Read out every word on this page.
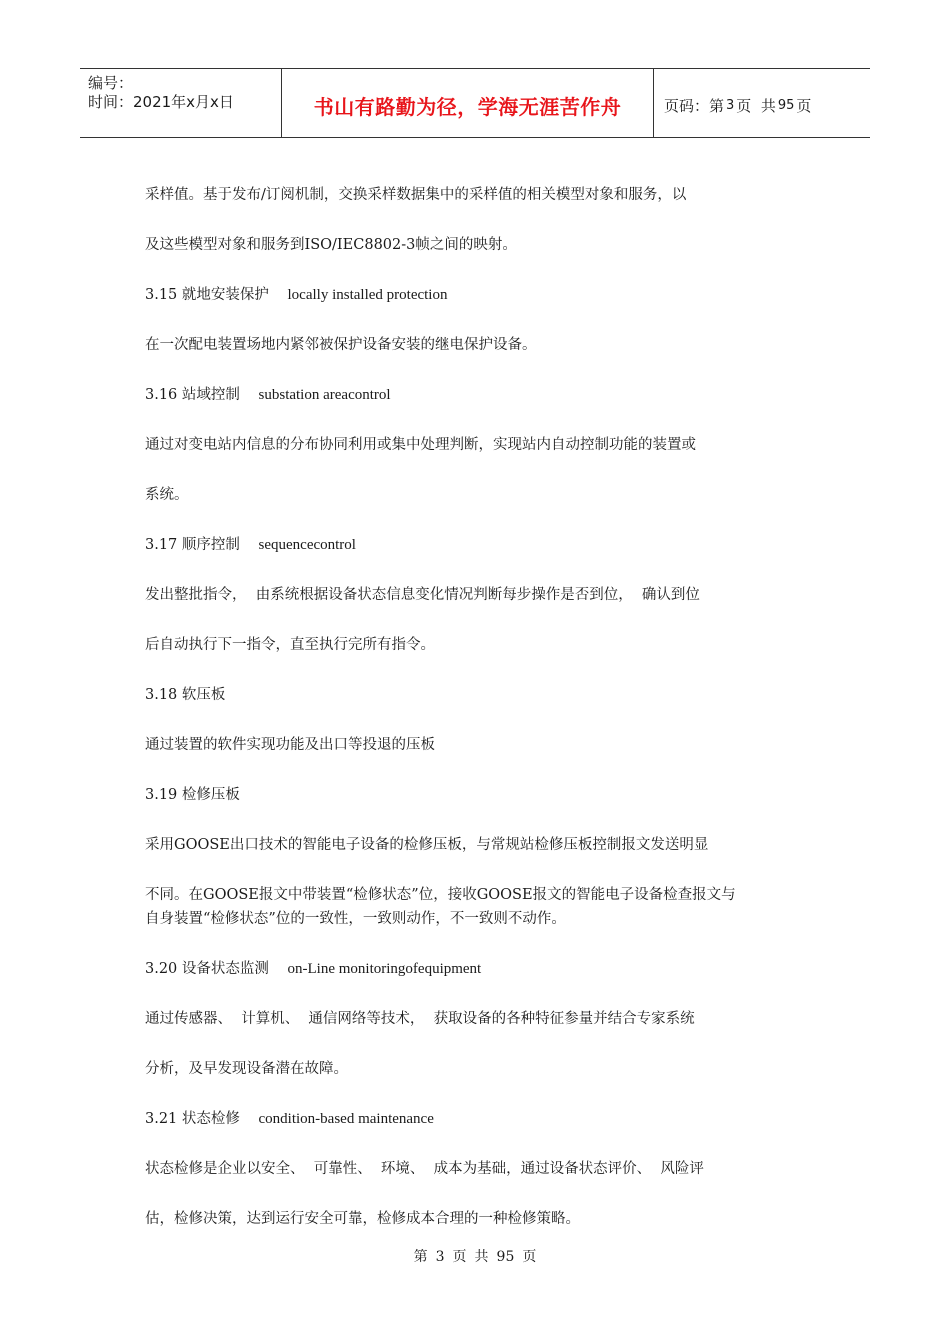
编号：
时间：2021年x月x日	书山有路勤为径，学海无涯苦作舟	页码：第 3 页  共 95 页
采样值。基于发布/订阅机制，交换采样数据集中的采样值的相关模型对象和服务，以
及这些模型对象和服务到ISO/IEC8802-3帧之间的映射。
3.15 就地安装保护 locally installed protection
在一次配电装置场地内紧邻被保护设备安装的继电保护设备。
3.16 站域控制 substation areacontrol
通过对变电站内信息的分布协同利用或集中处理判断，实现站内自动控制功能的装置或
系统。
3.17 顺序控制 sequencecontrol
发出整批指令，  由系统根据设备状态信息变化情况判断每步操作是否到位，  确认到位
后自动执行下一指令，直至执行完所有指令。
3.18 软压板
通过装置的软件实现功能及出口等投退的压板
3.19 检修压板
采用GOOSE出口技术的智能电子设备的检修压板，与常规站检修压板控制报文发送明显
不同。在GOOSE报文中带装置“检修状态”位，接收GOOSE报文的智能电子设备检查报文与
自身装置“检修状态”位的一致性，一致则动作，不一致则不动作。
3.20 设备状态监测 on-Line monitoringofequipment
通过传感器、  计算机、  通信网络等技术，  获取设备的各种特征参量并结合专家系统
分析，及早发现设备潜在故障。
3.21 状态检修 condition-based maintenance
状态检修是企业以安全、  可靠性、  环境、  成本为基础，通过设备状态评价、  风险评
估，检修决策，达到运行安全可靠，检修成本合理的一种检修策略。
第 3 页 共 95 页
